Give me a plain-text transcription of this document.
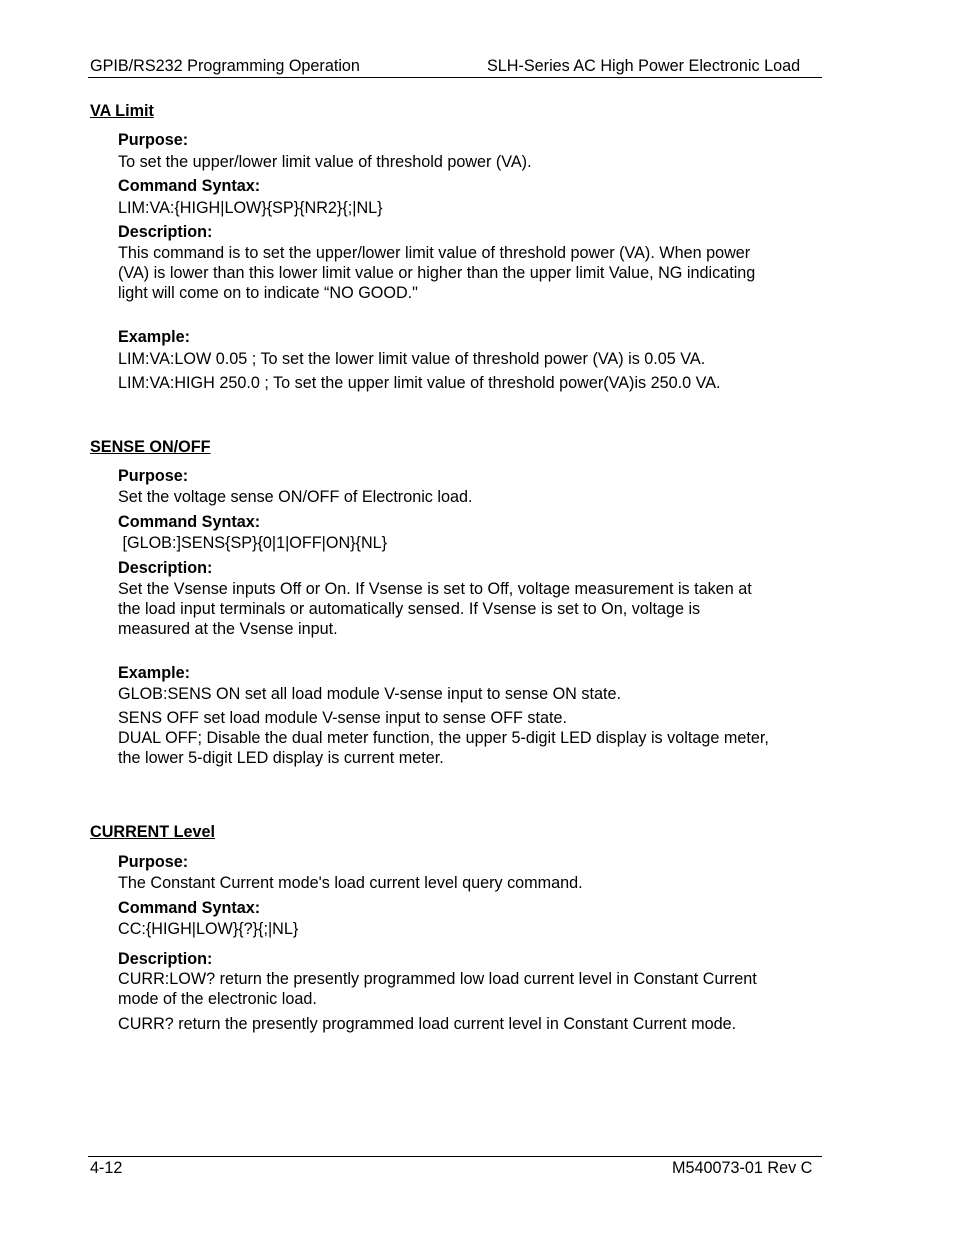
GPIB/RS232 Programming Operation	SLH-Series AC High Power Electronic Load
VA Limit
Purpose:
To set the upper/lower limit value of threshold power (VA).
Command Syntax:
LIM:VA:{HIGH|LOW}{SP}{NR2}{;|NL}
Description:
This command is to set the upper/lower limit value of threshold power (VA). When power
(VA) is lower than this lower limit value or higher than the upper limit Value, NG indicating
light will come on to indicate “NO GOOD."
Example:
LIM:VA:LOW 0.05 ; To set the lower limit value of threshold power (VA) is 0.05 VA.
LIM:VA:HIGH 250.0 ; To set the upper limit value of threshold power(VA)is 250.0 VA.
SENSE ON/OFF
Purpose:
Set the voltage sense ON/OFF of Electronic load.
Command Syntax:
[GLOB:]SENS{SP}{0|1|OFF|ON}{NL}
Description:
Set the Vsense inputs Off or On. If Vsense is set to Off, voltage measurement is taken at
the load input terminals or automatically sensed. If Vsense is set to On, voltage is
measured at the Vsense input.
Example:
GLOB:SENS ON set all load module V-sense input to sense ON state.
SENS OFF set load module V-sense input to sense OFF state.
DUAL OFF; Disable the dual meter function, the upper 5-digit LED display is voltage meter,
the lower 5-digit LED display is current meter.
CURRENT Level
Purpose:
The Constant Current mode's load current level query command.
Command Syntax:
CC:{HIGH|LOW}{?}{;|NL}
Description:
CURR:LOW? return the presently programmed low load current level in Constant Current
mode of the electronic load.
CURR? return the presently programmed load current level in Constant Current mode.
4-12	M540073-01 Rev C
